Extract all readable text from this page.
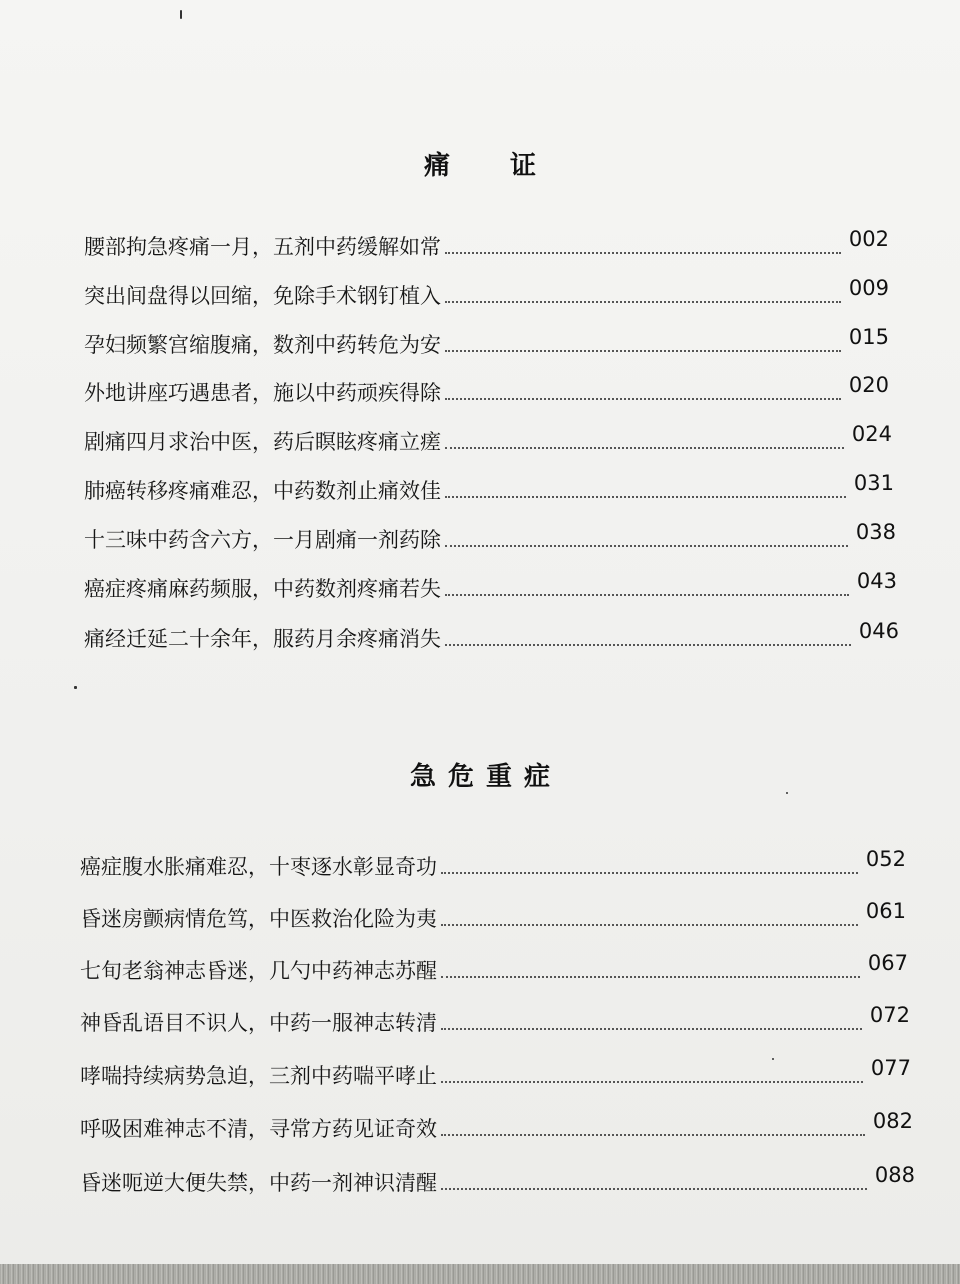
痛 证
腰部拘急疼痛一月，五剂中药缓解如常	002
突出间盘得以回缩，免除手术钢钉植入	009
孕妇频繁宫缩腹痛，数剂中药转危为安	015
外地讲座巧遇患者，施以中药顽疾得除	020
剧痛四月求治中医，药后瞑眩疼痛立瘥	024
肺癌转移疼痛难忍，中药数剂止痛效佳	031
十三味中药含六方，一月剧痛一剂药除	038
癌症疼痛麻药频服，中药数剂疼痛若失	043
痛经迁延二十余年，服药月余疼痛消失	046
急 危 重 症
癌症腹水胀痛难忍，十枣逐水彰显奇功	052
昏迷房颤病情危笃，中医救治化险为夷	061
七旬老翁神志昏迷，几勺中药神志苏醒	067
神昏乱语目不识人，中药一服神志转清	072
哮喘持续病势急迫，三剂中药喘平哮止	077
呼吸困难神志不清，寻常方药见证奇效	082
昏迷呃逆大便失禁，中药一剂神识清醒	088
